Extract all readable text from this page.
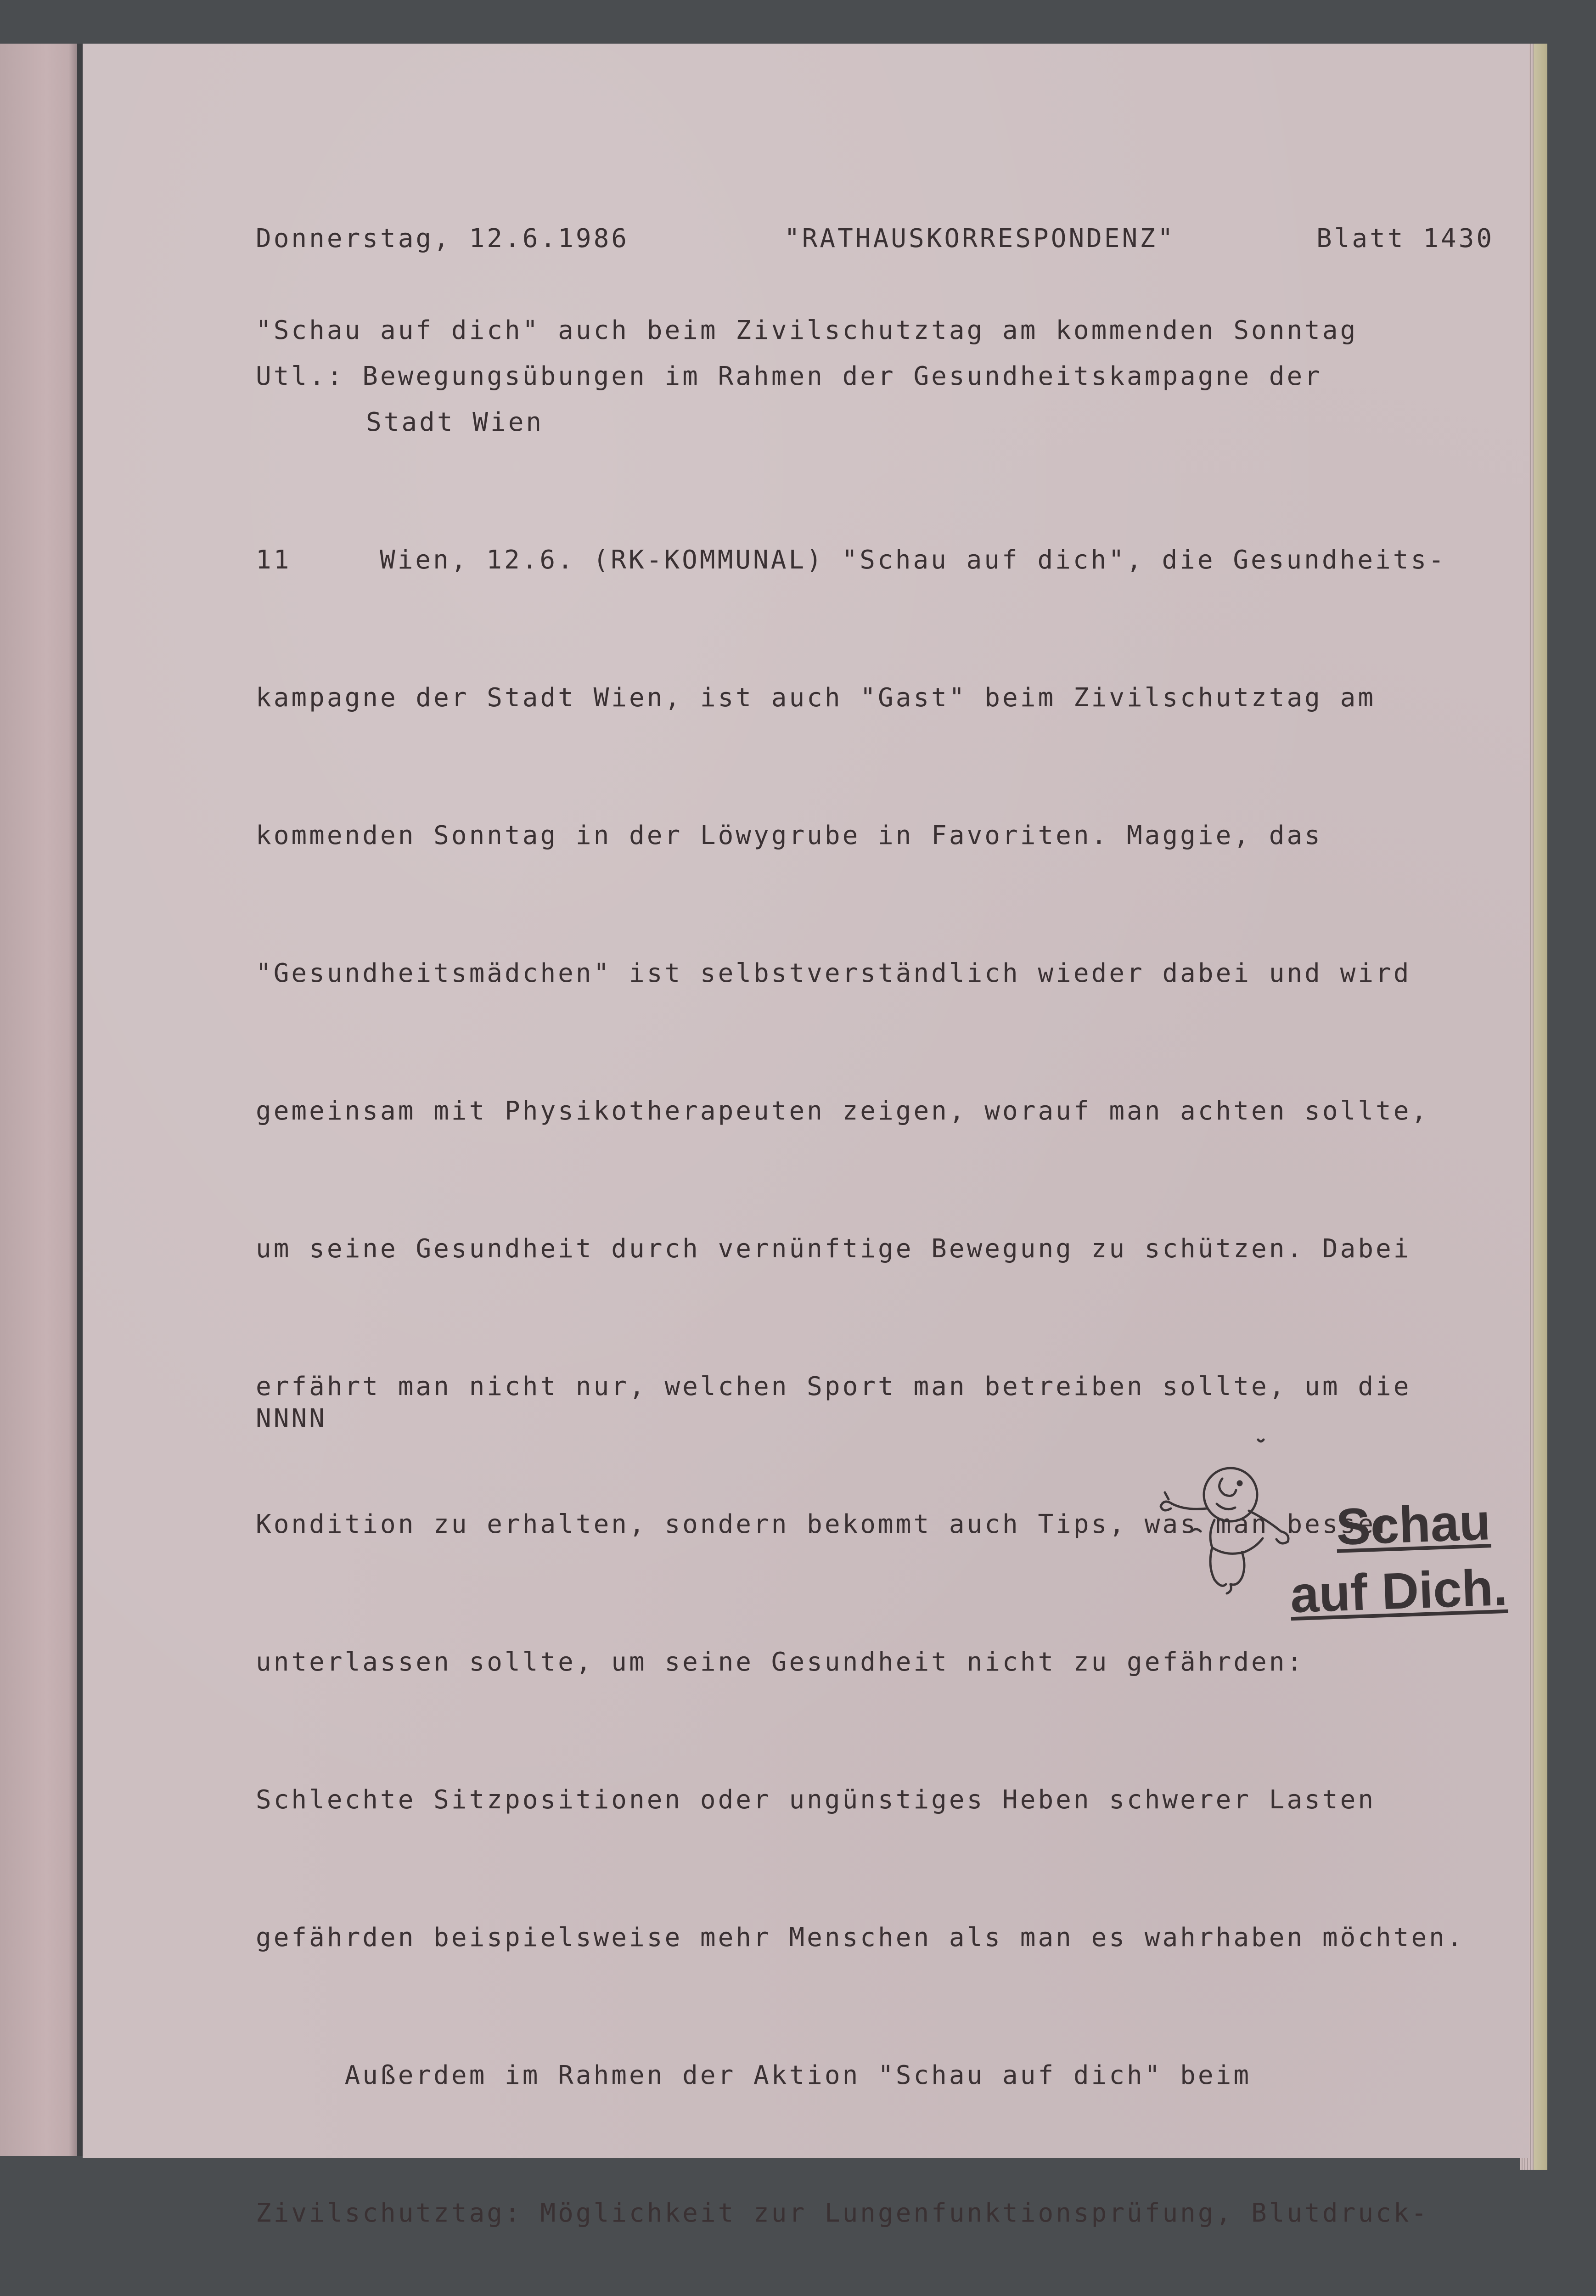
Donnerstag, 12.6.1986	"RATHAUSKORRESPONDENZ"	Blatt 1430
"Schau auf dich" auch beim Zivilschutztag am kommenden Sonntag
Utl.: Bewegungsübungen im Rahmen der Gesundheitskampagne der
Stadt Wien

11	Wien, 12.6. (RK-KOMMUNAL) "Schau auf dich", die Gesundheits-

kampagne der Stadt Wien, ist auch "Gast" beim Zivilschutztag am

kommenden Sonntag in der Löwygrube in Favoriten. Maggie, das

"Gesundheitsmädchen" ist selbstverständlich wieder dabei und wird

gemeinsam mit Physikotherapeuten zeigen, worauf man achten sollte,

um seine Gesundheit durch vernünftige Bewegung zu schützen. Dabei

erfährt man nicht nur, welchen Sport man betreiben sollte, um die

Kondition zu erhalten, sondern bekommt auch Tips, was man besser

unterlassen sollte, um seine Gesundheit nicht zu gefährden:

Schlechte Sitzpositionen oder ungünstiges Heben schwerer Lasten

gefährden beispielsweise mehr Menschen als man es wahrhaben möchten.

Außerdem im Rahmen der Aktion "Schau auf dich" beim

Zivilschutztag: Möglichkeit zur Lungenfunktionsprüfung, Blutdruck-

NNNN
Schau
auf Dich.
